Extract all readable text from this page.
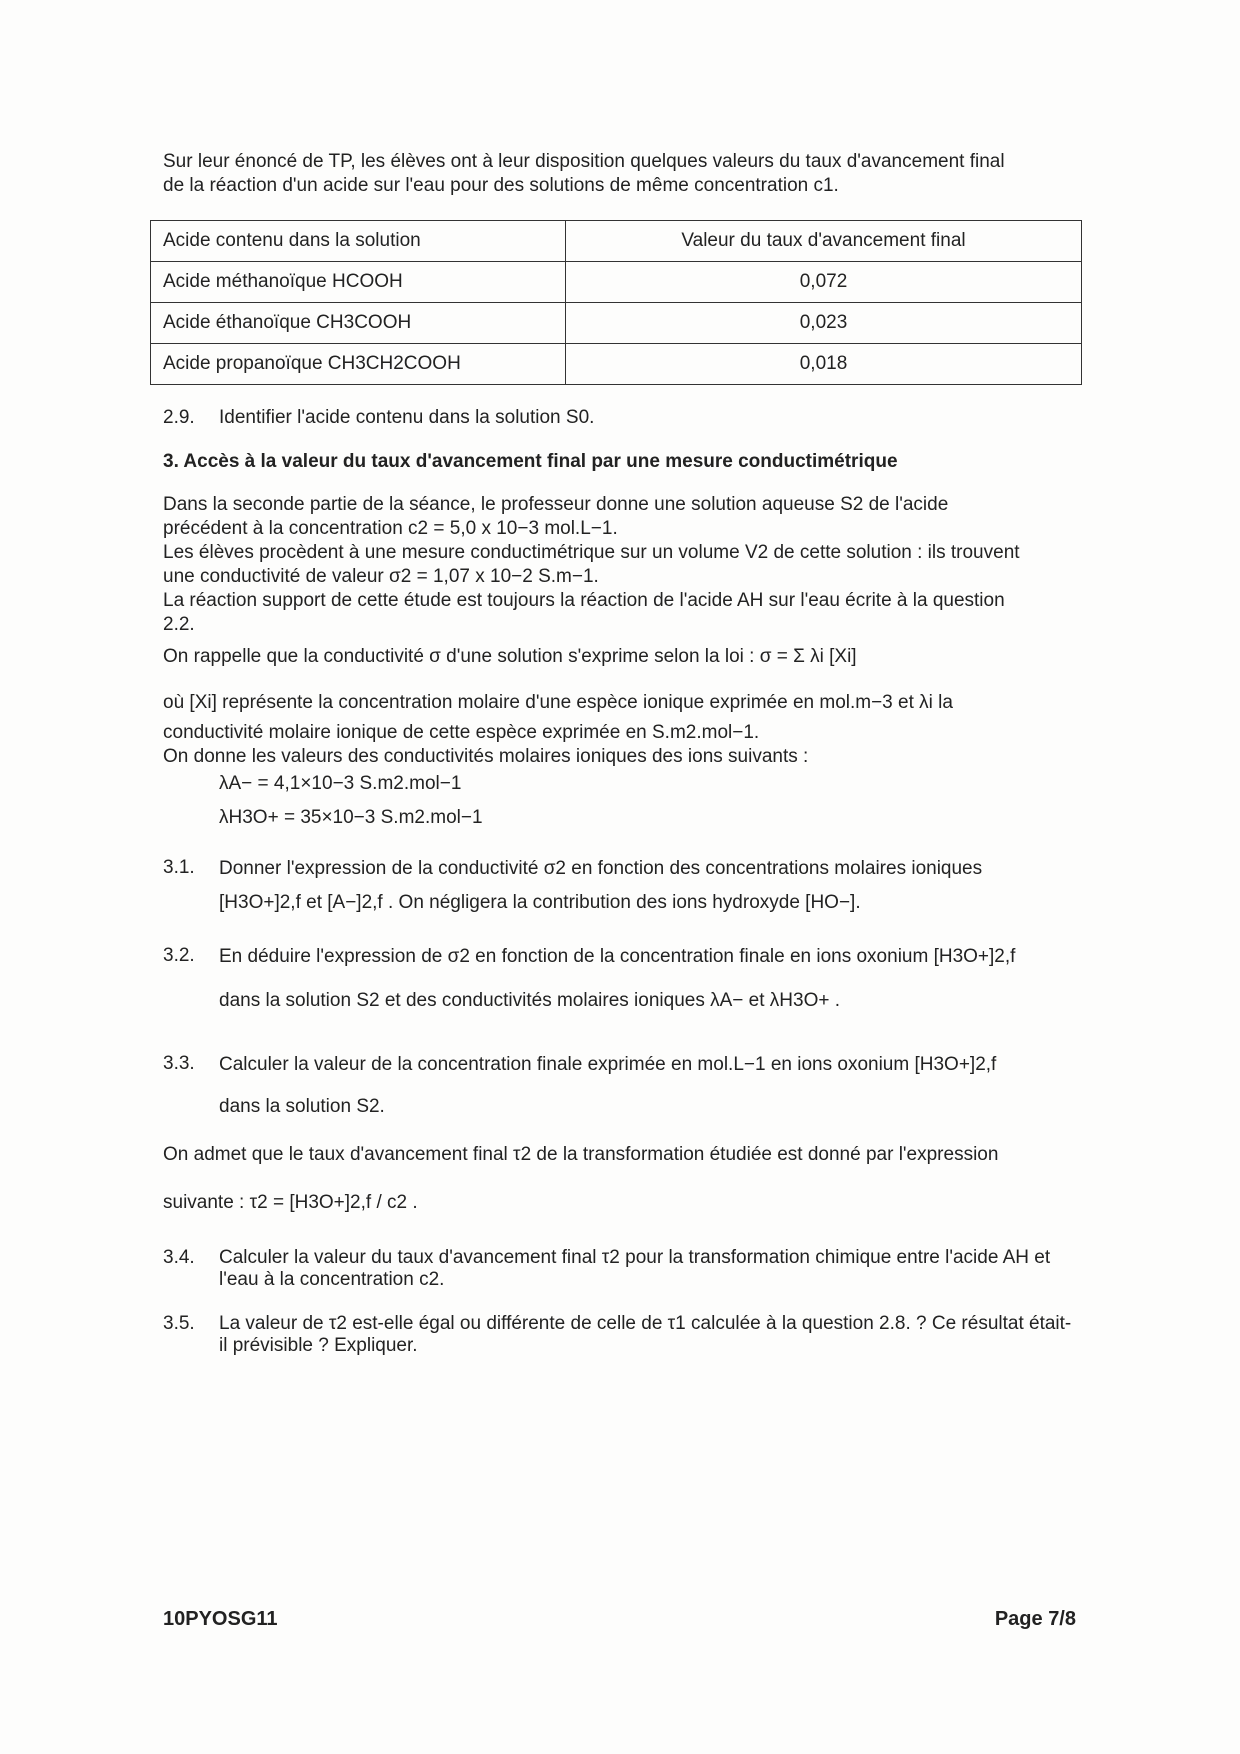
Sur leur énoncé de TP, les élèves ont à leur disposition quelques valeurs du taux d'avancement final

de la réaction d'un acide sur l'eau pour des solutions de même concentration c1.

Acide contenu dans la solution	Valeur du taux d'avancement final
Acide méthanoïque HCOOH	0,072
Acide éthanoïque CH3COOH	0,023
Acide propanoïque CH3CH2COOH	0,018
2.9.	Identifier l'acide contenu dans la solution S0.
3. Accès à la valeur du taux d'avancement final par une mesure conductimétrique

Dans la seconde partie de la séance, le professeur donne une solution aqueuse S2 de l'acide

précédent à la concentration c2 = 5,0 x 10−3 mol.L−1.

Les élèves procèdent à une mesure conductimétrique sur un volume V2 de cette solution : ils trouvent

une conductivité de valeur σ2 = 1,07 x 10−2 S.m−1.

La réaction support de cette étude est toujours la réaction de l'acide AH sur l'eau écrite à la question

2.2.

On rappelle que la conductivité σ d'une solution s'exprime selon la loi : σ = Σ λi [Xi]

où [Xi] représente la concentration molaire d'une espèce ionique exprimée en mol.m−3 et λi la

conductivité molaire ionique de cette espèce exprimée en S.m2.mol−1.

On donne les valeurs des conductivités molaires ioniques des ions suivants :

λA− = 4,1×10−3 S.m2.mol−1
λH3O+ = 35×10−3 S.m2.mol−1
3.1.	Donner l'expression de la conductivité σ2 en fonction des concentrations molaires ioniques

[H3O+]2,f et [A−]2,f . On négligera la contribution des ions hydroxyde [HO−].

3.2.	En déduire l'expression de σ2 en fonction de la concentration finale en ions oxonium [H3O+]2,f

dans la solution S2 et des conductivités molaires ioniques λA− et λH3O+ .

3.3.	Calculer la valeur de la concentration finale exprimée en mol.L−1 en ions oxonium [H3O+]2,f

dans la solution S2.

On admet que le taux d'avancement final τ2 de la transformation étudiée est donné par l'expression

suivante : τ2 = [H3O+]2,f / c2 .

3.4.	Calculer la valeur du taux d'avancement final τ2 pour la transformation chimique entre l'acide AH et l'eau à la concentration c2.
3.5.	La valeur de τ2 est-elle égal ou différente de celle de τ1 calculée à la question 2.8. ? Ce résultat était-il prévisible ? Expliquer.
10PYOSG11	Page 7/8
